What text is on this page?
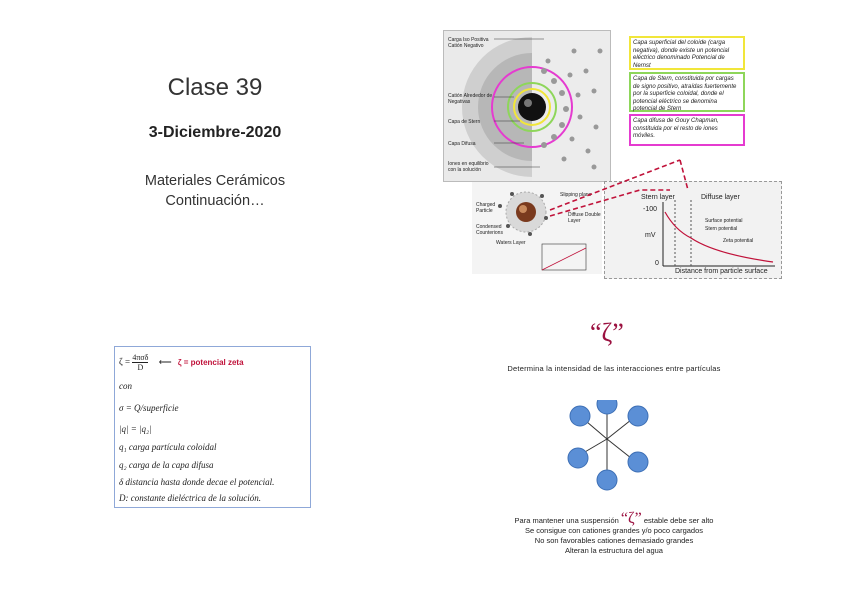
Clase 39
3-Diciembre-2020
Materiales Cerámicos
Continuación…
Carga Iso Positiva
Catión Negativo
Catión Alrededor de Negativas
Capa de Stern
Capa Difusa
Iones en equilibrio con la solución
Capa superficial del coloide (carga negativa), donde existe un potencial eléctrico denominado Potencial de Nernst
Capa de Stern, constituida por cargas de signo positivo, atraídas fuertemente por la superficie coloidal, donde el potencial eléctrico se denomina potencial de Stern
Capa difusa de Gouy Chapman, constituida por el resto de iones móviles.
Charged Particle
Condensed Counterions
Waters Layer
Slipping plane
Diffuse Double Layer
Stern layer	Diffuse layer
-100
mV
0
Distance from particle surface
Surface potential
Stern potential
Zeta potential
ζ = 4πσδ
D
⟵ ζ = potencial zeta
con
σ = Q/superficie
|q| = |q₂|
q₁ carga partícula coloidal
q₂ carga de la capa difusa
δ distancia hasta donde decae el potencial.
D: constante dieléctrica de la solución.
“ζ”
Determina la intensidad de las interacciones entre partículas
Para mantener una suspensión “ζ” estable debe ser alto
Se consigue con cationes grandes y/o poco cargados
No son favorables cationes demasiado grandes
Alteran la estructura del agua
